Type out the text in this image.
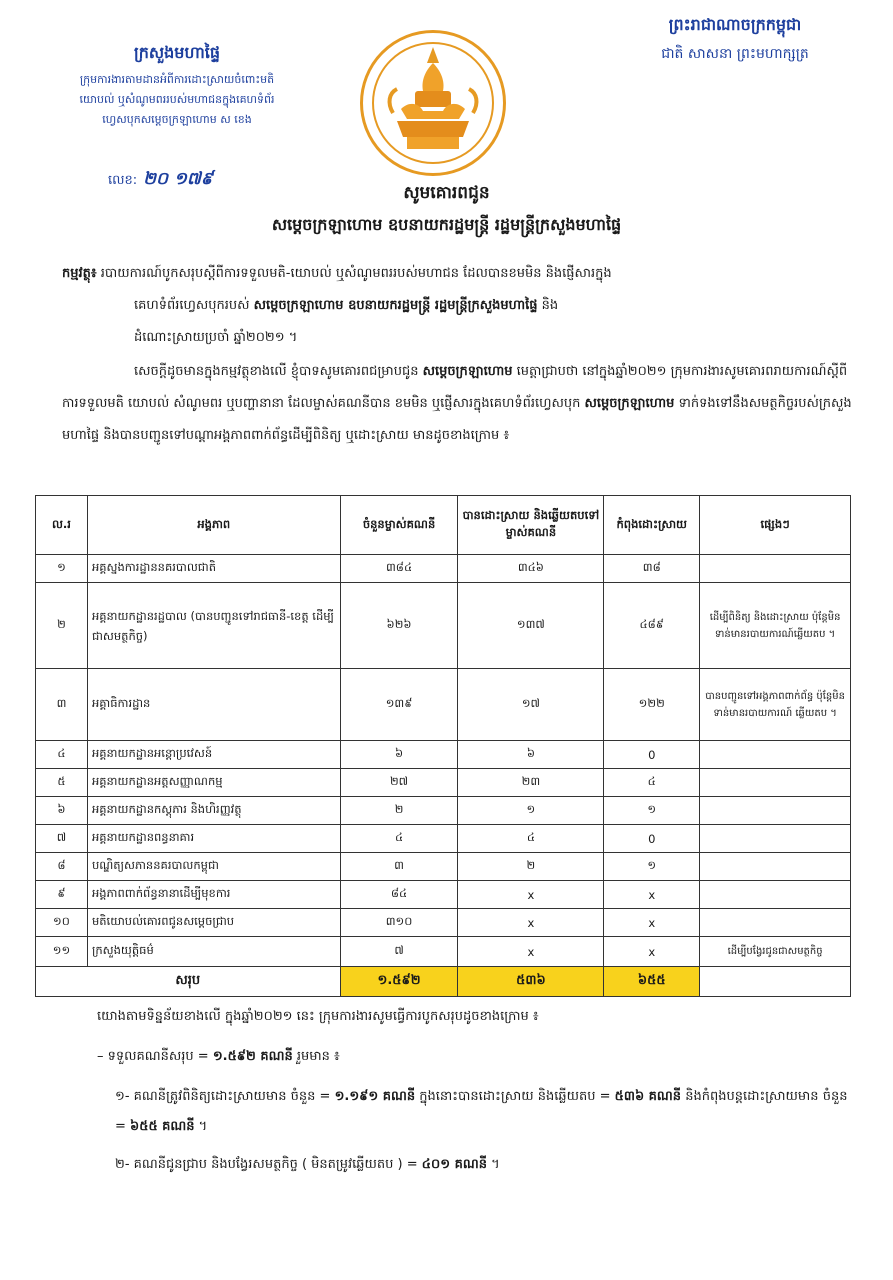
ក្រសួងមហាផ្ទៃ
ក្រុមការងារតាមដានអំពីការដោះស្រាយចំពោះមតិ
យោបល់ ឬសំណូមពររបស់មហាជនក្នុងគេហទំព័រ
ហ្វេសបុកសម្តេចក្រឡាហោម ស ខេង
លេខ: ២០ ១៧៩
ព្រះរាជាណាចក្រកម្ពុជា
ជាតិ សាសនា ព្រះមហាក្សត្រ
សូមគោរពជូន
សម្តេចក្រឡាហោម ឧបនាយករដ្ឋមន្ត្រី រដ្ឋមន្ត្រីក្រសួងមហាផ្ទៃ
កម្មវត្ថុ៖ របាយការណ៍បូកសរុបស្តីពីការទទួលមតិ-យោបល់ ឬសំណូមពររបស់មហាជន ដែលបានខមមិន និងផ្ញើសារក្នុង
គេហទំព័រហ្វេសបុករបស់ សម្តេចក្រឡាហោម ឧបនាយករដ្ឋមន្ត្រី រដ្ឋមន្ត្រីក្រសួងមហាផ្ទៃ និង
ដំណោះស្រាយប្រចាំ ឆ្នាំ២០២១ ។
សេចក្តីដូចមានក្នុងកម្មវត្ថុខាងលើ ខ្ញុំបាទសូមគោរពជម្រាបជូន សម្តេចក្រឡាហោម មេត្តាជ្រាបថា នៅក្នុងឆ្នាំ២០២១ ក្រុមការងារសូមគោរពរាយការណ៍ស្តីពីការទទួលមតិ យោបល់ សំណូមពរ ឬបញ្ហានានា ដែលម្ចាស់គណនីបាន ខមមិន ឬផ្ញើសារក្នុងគេហទំព័រហ្វេសបុក សម្តេចក្រឡាហោម ទាក់ទងទៅនឹងសមត្ថកិច្ចរបស់ក្រសួងមហាផ្ទៃ និងបានបញ្ជូនទៅបណ្តាអង្គភាពពាក់ព័ន្ធដើម្បីពិនិត្យ ឬដោះស្រាយ មានដូចខាងក្រោម ៖
ល.រ	អង្គភាព	ចំនួនម្ចាស់គណនី	បានដោះស្រាយ និងឆ្លើយតបទៅម្ចាស់គណនី	កំពុងដោះស្រាយ	ផ្សេងៗ
១	អគ្គស្នងការដ្ឋាននគរបាលជាតិ	៣៨៤	៣៤៦	៣៨	
២	អគ្គនាយកដ្ឋានរដ្ឋបាល (បានបញ្ជូនទៅរាជធានី-ខេត្ត ដើម្បីជាសមត្ថកិច្ច)	៦២៦	១៣៧	៤៨៩	ដើម្បីពិនិត្យ និងដោះស្រាយ ប៉ុន្តែមិនទាន់មានរបាយការណ៍ឆ្លើយតប ។
៣	អគ្គាធិការដ្ឋាន	១៣៩	១៧	១២២	បានបញ្ជូនទៅអង្គភាពពាក់ព័ន្ធ ប៉ុន្តែមិនទាន់មានរបាយការណ៍ ឆ្លើយតប ។
៤	អគ្គនាយកដ្ឋានអន្តោប្រវេសន៍	៦	៦	0	
៥	អគ្គនាយកដ្ឋានអត្តសញ្ញាណកម្ម	២៧	២៣	៤	
៦	អគ្គនាយកដ្ឋានកស្តុភារ និងហិរញ្ញវត្ថុ	២	១	១	
៧	អគ្គនាយកដ្ឋានពន្ធនាគារ	៤	៤	0	
៨	បណ្ឌិត្យសភាននគរបាលកម្ពុជា	៣	២	១	
៩	អង្គភាពពាក់ព័ន្ធនានាដើម្បីមុខការ	៨៤	x	x	
១០	មតិយោបល់គោរពជូនសម្តេចជ្រាប	៣១០	x	x	
១១	ក្រសួងយុត្តិធម៌	៧	x	x	ដើម្បីបង្វែរជូនជាសមត្ថកិច្ច
សរុប		១.៥៩២	៥៣៦	៦៥៥	
យោងតាមទិន្នន័យខាងលើ ក្នុងឆ្នាំ២០២១ នេះ ក្រុមការងារសូមធ្វើការបូកសរុបដូចខាងក្រោម ៖
– ទទួលគណនីសរុប = ១.៥៩២ គណនី រួមមាន ៖
១- គណនីត្រូវពិនិត្យដោះស្រាយមាន ចំនួន = ១.១៩១ គណនី ក្នុងនោះបានដោះស្រាយ និងឆ្លើយតប = ៥៣៦ គណនី និងកំពុងបន្តដោះស្រាយមាន ចំនួន = ៦៥៥ គណនី ។
២- គណនីជូនជ្រាប និងបង្វែរសមត្ថកិច្ច ( មិនតម្រូវឆ្លើយតប ) = ៤០១ គណនី ។
